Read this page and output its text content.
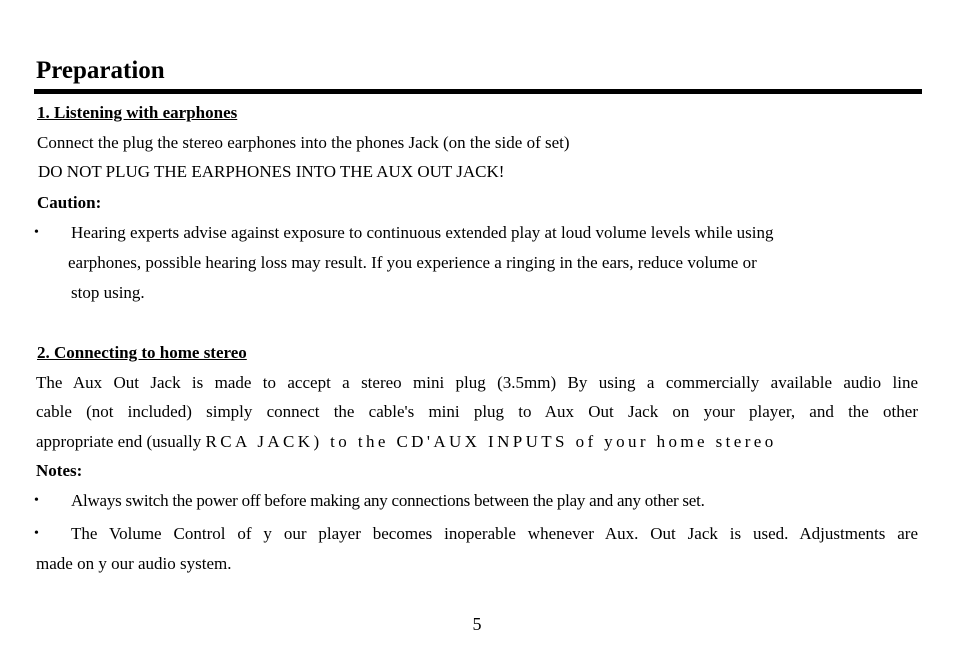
Preparation
1. Listening with earphones
Connect the plug the stereo earphones into the phones Jack (on the side of set)
DO NOT PLUG THE EARPHONES INTO THE AUX OUT JACK!
Caution:
• Hearing experts advise against exposure to continuous extended play at loud volume levels while using
earphones, possible hearing loss may result. If you experience a ringing in the ears, reduce volume or
stop using.
2. Connecting to home stereo
The Aux Out Jack is made to accept a stereo mini plug (3.5mm) By using a commercially available audio line
cable (not included) simply connect the cable's mini plug to Aux Out Jack on your player, and the other
appropriate end (usually RCA JACK) to the CD'AUX INPUTS of your home stereo
Notes:
• Always switch the power off before making any connections between the play and any other set.
• The Volume Control of y our player becomes inoperable whenever Aux. Out Jack is used. Adjustments are
made on y our audio system.
5
